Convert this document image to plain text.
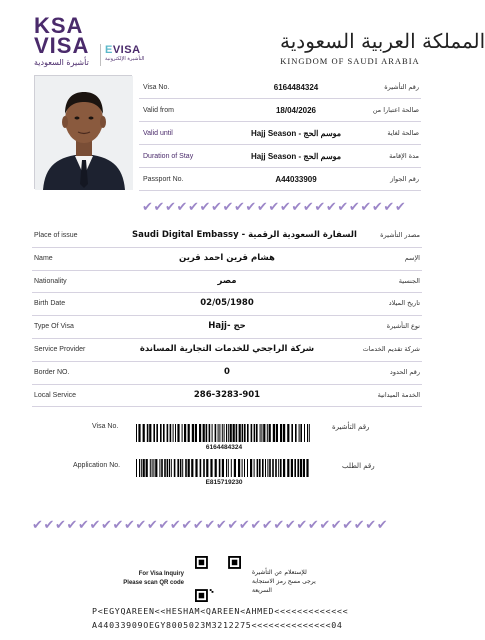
KSA
VISA
تأشيرة السعودية
EVISA
التأشيرة الإلكترونية
المملكة العربية السعودية
KINGDOM OF SAUDI ARABIA
Visa No.	6164484324	رقم التأشيرة
Valid from	18/04/2026	صالحة اعتبارا من
Valid until	Hajj Season - موسم الحج	صالحة لغاية
Duration of Stay	Hajj Season - موسم الحج	مدة الإقامة
Passport No.	A44033909	رقم الجواز
✔✔✔✔✔✔✔✔✔✔✔✔✔✔✔✔✔✔✔✔✔✔✔
Place of issue	Saudi Digital Embassy - السفارة السعودية الرقمية	مصدر التأشيرة
Name	هشام قرين احمد قرين	الإسم
Nationality	مصر	الجنسية
Birth Date	02/05/1980	تاريخ الميلاد
Type Of Visa	Hajj- حج	نوع التأشيرة
Service Provider	شركة الراجحي للخدمات التجارية المساندة	شركة تقديم الخدمات
Border NO.	0	رقم الحدود
Local Service	286-3283-901	الخدمة الميدانية
Visa No.	رقم التأشيرة
6164484324
Application No.	رقم الطلب
E815719230
✔✔✔✔✔✔✔✔✔✔✔✔✔✔✔✔✔✔✔✔✔✔✔✔✔✔✔✔✔✔✔
For Visa Inquiry
Please scan QR code
للإستعلام عن التأشيرة
يرجى مسح رمز الاستجابة السريعة
P<EGYQAREEN<<HESHAM<QAREEN<AHMED<<<<<<<<<<<<<
A44033909OEGY8005023M3212275<<<<<<<<<<<<<<04
